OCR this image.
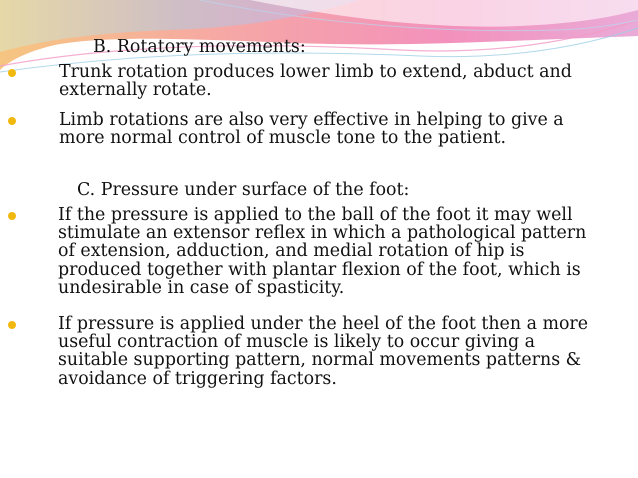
B. Rotatory movements:
Trunk rotation produces lower limb to extend, abduct and
externally rotate.
Limb rotations are also very effective in helping to give a
more normal control of muscle tone to the patient.
C. Pressure under surface of the foot:
If the pressure is applied to the ball of the foot it may well
stimulate an extensor reflex in which a pathological pattern
of extension, adduction, and medial rotation of hip is
produced together with plantar flexion of the foot, which is
undesirable in case of spasticity.
If pressure is applied under the heel of the foot then a more
useful contraction of muscle is likely to occur giving a
suitable supporting pattern, normal movements patterns &
avoidance of triggering factors.
